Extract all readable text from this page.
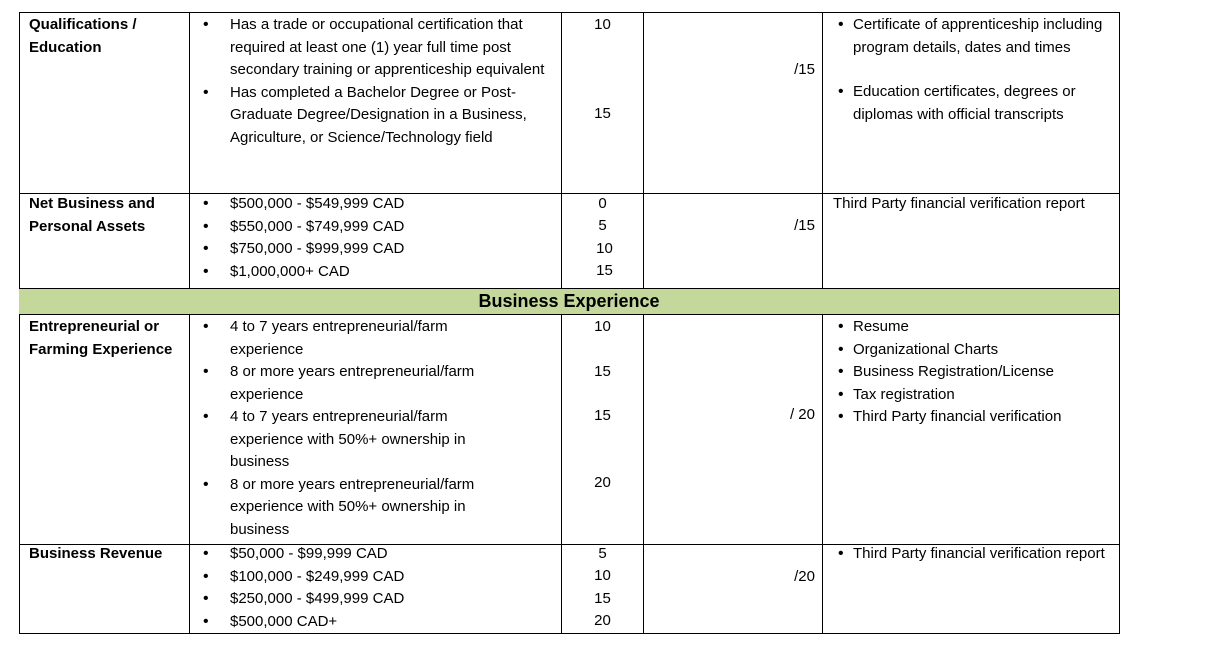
Qualifications / Education
• Has a trade or occupational certification that required at least one (1) year full time post secondary training or apprenticeship equivalent
• Has completed a Bachelor Degree or Post-Graduate Degree/Designation in a Business, Agriculture, or Science/Technology field
10
15
/15
• Certificate of apprenticeship including program details, dates and times
• Education certificates, degrees or diplomas with official transcripts
Net Business and Personal Assets
• $500,000 - $549,999 CAD
• $550,000 - $749,999 CAD
• $750,000 - $999,999 CAD
• $1,000,000+ CAD
0
5
10
15
/15
Third Party financial verification report
Business Experience
Entrepreneurial or Farming Experience
• 4 to 7 years entrepreneurial/farm experience
• 8 or more years entrepreneurial/farm experience
• 4 to 7 years entrepreneurial/farm experience with 50%+ ownership in business
• 8 or more years entrepreneurial/farm experience with 50%+ ownership in business
10
15
15
20
/ 20
• Resume
• Organizational Charts
• Business Registration/License
• Tax registration
• Third Party financial verification
Business Revenue
•	$50,000 - $99,999 CAD
• $100,000 - $249,999 CAD
• $250,000 - $499,999 CAD
• $500,000 CAD+
5
10
15
20
/20
• Third Party financial verification report
